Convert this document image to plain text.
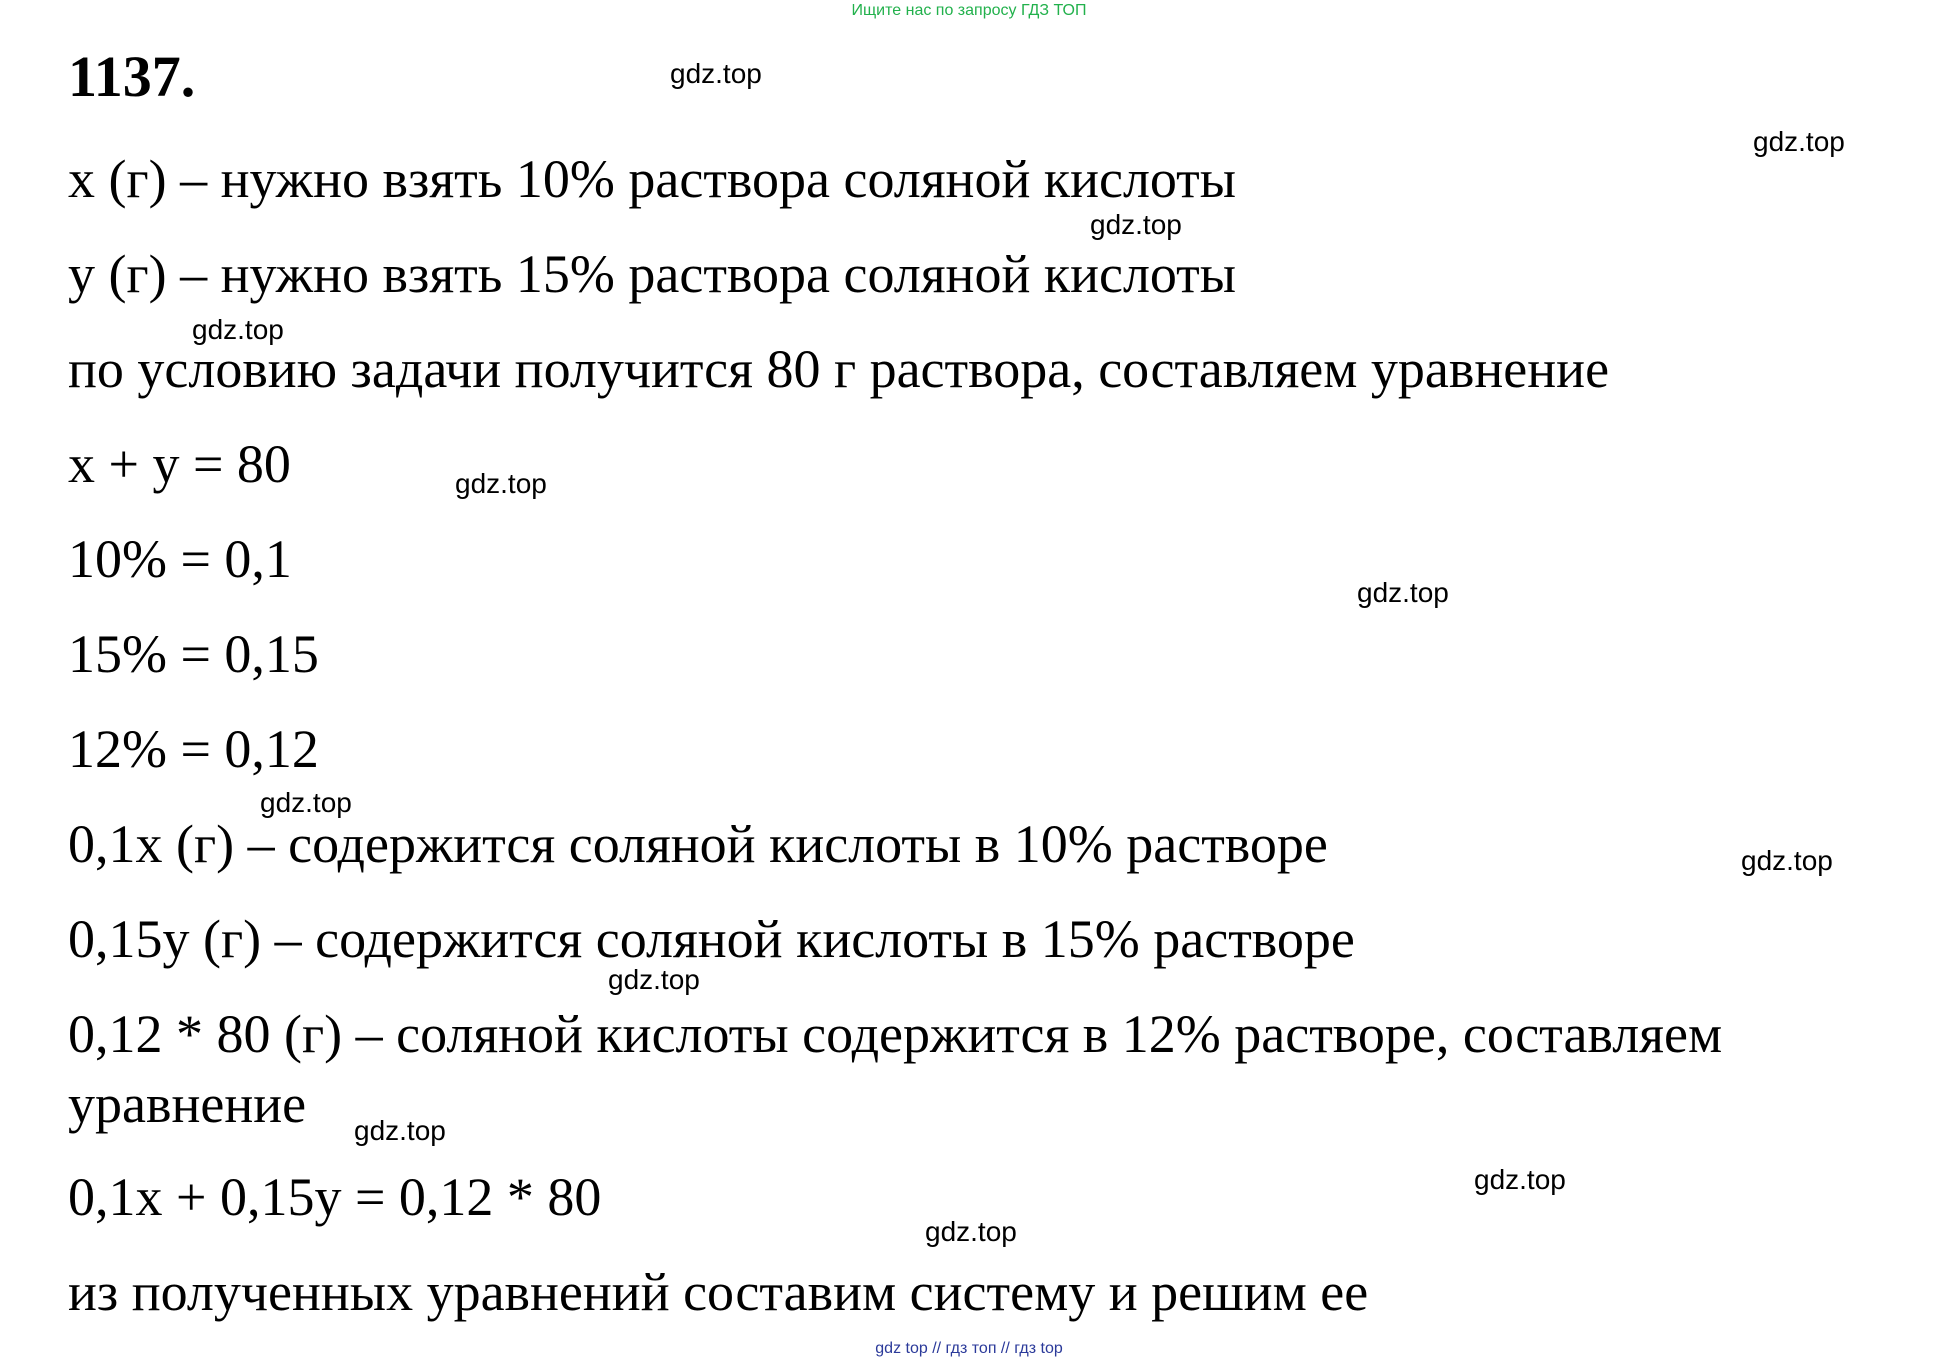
Ищите нас по запросу ГДЗ ТОП
1137.
x (г) – нужно взять 10% раствора соляной кислоты
y (г) – нужно взять 15% раствора соляной кислоты
по условию задачи получится 80 г раствора, составляем уравнение
x + y = 80
10% = 0,1
15% = 0,15
12% = 0,12
0,1x (г) – содержится соляной кислоты в 10% растворе
0,15y (г) – содержится соляной кислоты в 15% растворе
0,12 * 80 (г) – соляной кислоты содержится в 12% растворе, составляем
уравнение
0,1x + 0,15y = 0,12 * 80
из полученных уравнений составим систему и решим ее
gdz.top
gdz.top
gdz.top
gdz.top
gdz.top
gdz.top
gdz.top
gdz.top
gdz.top
gdz.top
gdz.top
gdz.top
gdz top // гдз топ // гдз top
